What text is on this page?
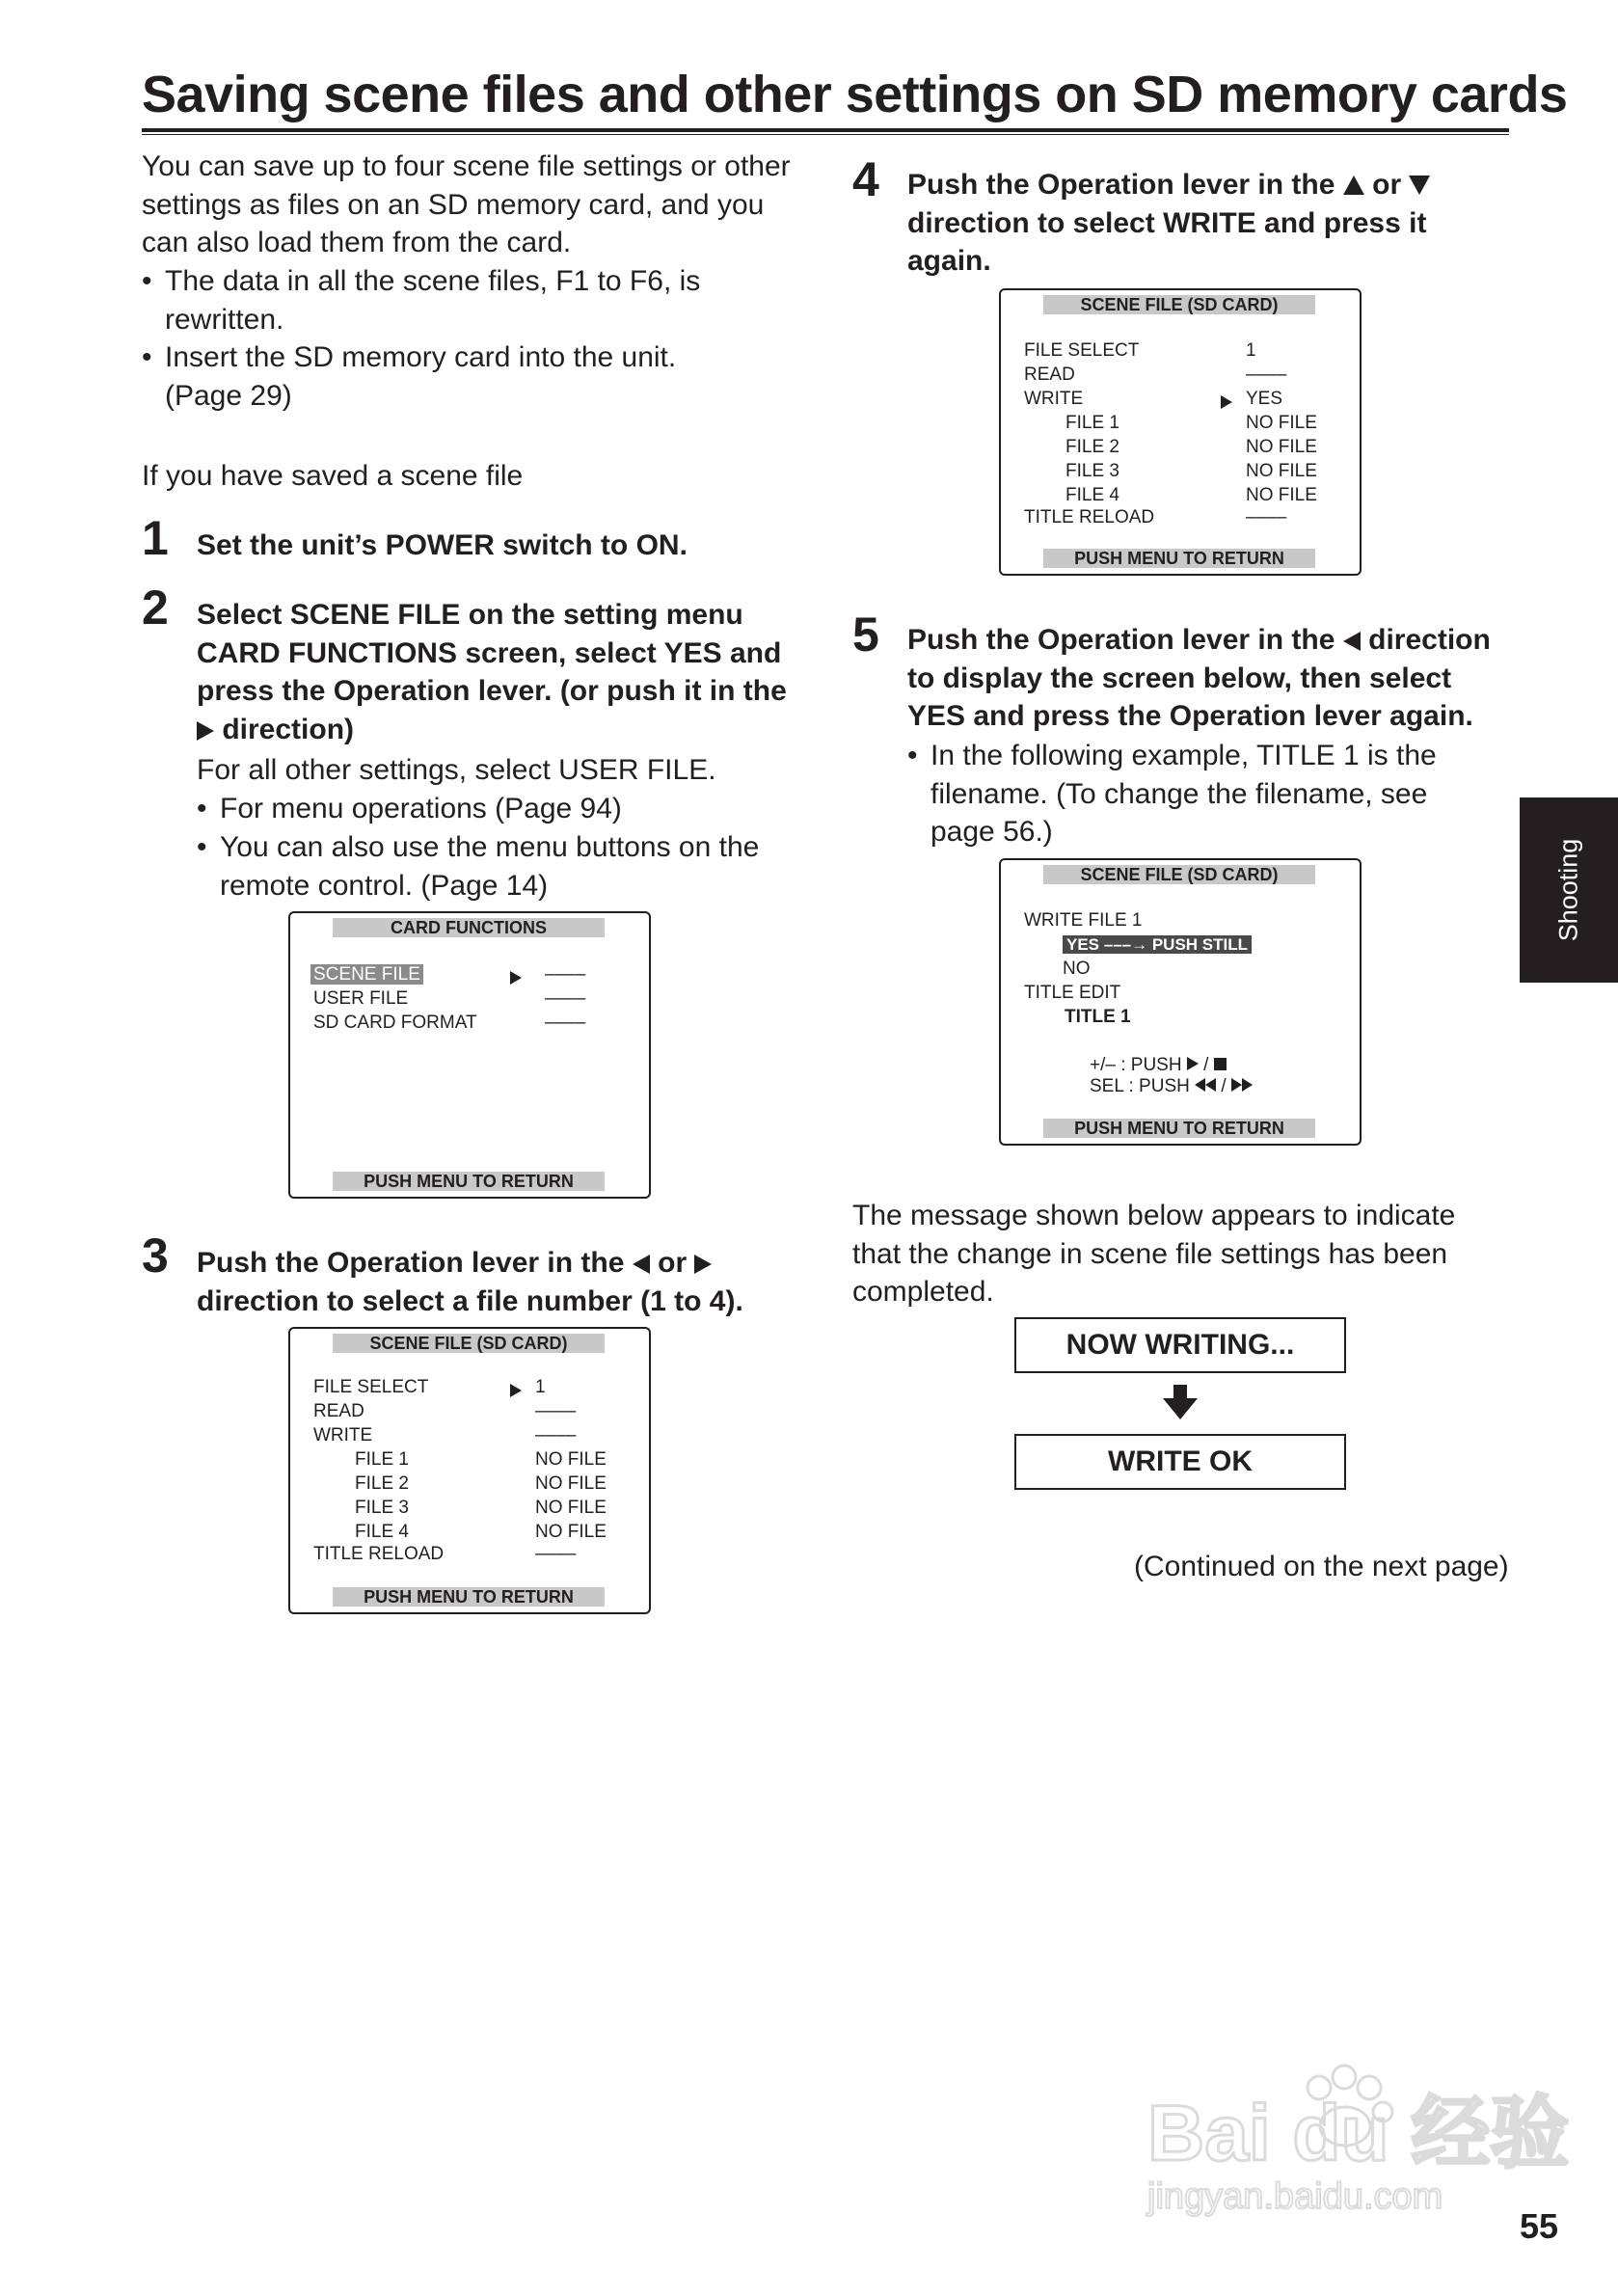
Saving scene files and other settings on SD memory cards
You can save up to four scene file settings or other
settings as files on an SD memory card, and you
can also load them from the card.
• The data in all the scene files, F1 to F6, is
rewritten.
• Insert the SD memory card into the unit.
(Page 29)
If you have saved a scene file
1 Set the unit’s POWER switch to ON.
2 Select SCENE FILE on the setting menu
CARD FUNCTIONS screen, select YES and
press the Operation lever. (or push it in the
direction)
For all other settings, select USER FILE.
• For menu operations (Page 94)
• You can also use the menu buttons on the
remote control. (Page 14)
CARD FUNCTIONS
SCENE FILE	––––
USER FILE	––––
SD CARD FORMAT	––––
PUSH MENU TO RETURN
3 Push the Operation lever in the or
direction to select a file number (1 to 4).
SCENE FILE (SD CARD)
FILE SELECT	1
READ	––––
WRITE	––––
FILE 1	NO FILE
FILE 2	NO FILE
FILE 3	NO FILE
FILE 4	NO FILE
TITLE RELOAD	––––
PUSH MENU TO RETURN
4 Push the Operation lever in the or
direction to select WRITE and press it
again.
SCENE FILE (SD CARD)
FILE SELECT	1
READ	––––
WRITE	YES
FILE 1	NO FILE
FILE 2	NO FILE
FILE 3	NO FILE
FILE 4	NO FILE
TITLE RELOAD	––––
PUSH MENU TO RETURN
5 Push the Operation lever in the direction
to display the screen below, then select
YES and press the Operation lever again.
• In the following example, TITLE 1 is the
filename. (To change the filename, see
page 56.)
SCENE FILE (SD CARD)
WRITE FILE 1
YES –––→ PUSH STILL
NO
TITLE EDIT
TITLE 1
+/– : PUSH  /
SEL : PUSH  /
PUSH MENU TO RETURN
The message shown below appears to indicate
that the change in scene file settings has been
completed.
NOW WRITING...
WRITE OK
(Continued on the next page)
Shooting
Bai du 经验
jingyan.baidu.com
55
